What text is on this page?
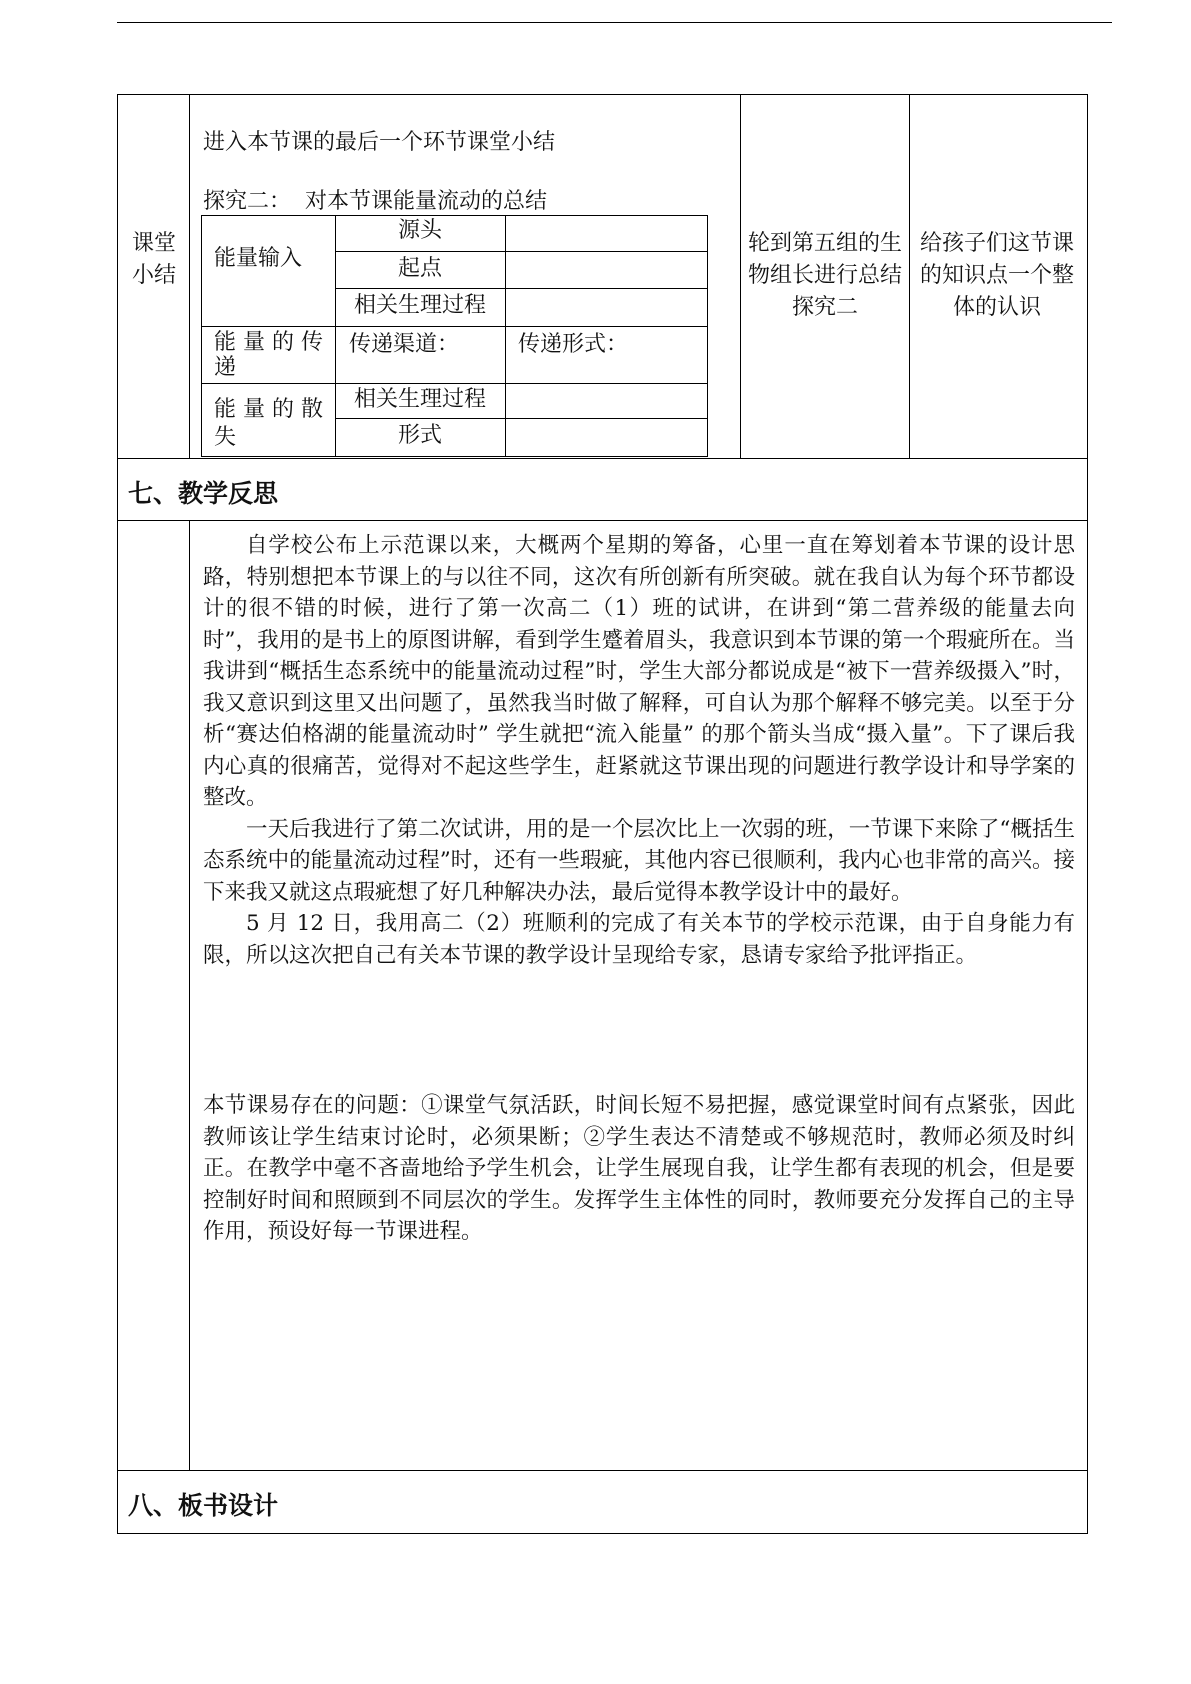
课堂
小结
进入本节课的最后一个环节课堂小结
探究二：  对本节课能量流动的总结
轮到第五组的生物组长进行总结探究二
给孩子们这节课的知识点一个整体的认识
能量输入
源头
起点
相关生理过程
能 量 的 传 递
传递渠道：	传递形式：
能 量 的 散 失
相关生理过程
形式
七、教学反思

自学校公布上示范课以来，大概两个星期的筹备，心里一直在筹划着本节课的设计思路，特别想把本节课上的与以往不同，这次有所创新有所突破。就在我自认为每个环节都设计的很不错的时候，进行了第一次高二（1）班的试讲，在讲到“第二营养级的能量去向时”，我用的是书上的原图讲解，看到学生蹙着眉头，我意识到本节课的第一个瑕疵所在。当我讲到“概括生态系统中的能量流动过程”时，学生大部分都说成是“被下一营养级摄入”时，我又意识到这里又出问题了，虽然我当时做了解释，可自认为那个解释不够完美。以至于分析“赛达伯格湖的能量流动时” 学生就把“流入能量” 的那个箭头当成“摄入量”。下了课后我内心真的很痛苦，觉得对不起这些学生，赶紧就这节课出现的问题进行教学设计和导学案的整改。

一天后我进行了第二次试讲，用的是一个层次比上一次弱的班，一节课下来除了“概括生态系统中的能量流动过程”时，还有一些瑕疵，其他内容已很顺利，我内心也非常的高兴。接下来我又就这点瑕疵想了好几种解决办法，最后觉得本教学设计中的最好。

5 月 12 日，我用高二（2）班顺利的完成了有关本节的学校示范课，由于自身能力有限，所以这次把自己有关本节课的教学设计呈现给专家，恳请专家给予批评指正。

本节课易存在的问题：①课堂气氛活跃，时间长短不易把握，感觉课堂时间有点紧张，因此教师该让学生结束讨论时，必须果断；②学生表达不清楚或不够规范时，教师必须及时纠正。在教学中毫不吝啬地给予学生机会，让学生展现自我，让学生都有表现的机会，但是要控制好时间和照顾到不同层次的学生。发挥学生主体性的同时，教师要充分发挥自己的主导作用，预设好每一节课进程。
八、板书设计
